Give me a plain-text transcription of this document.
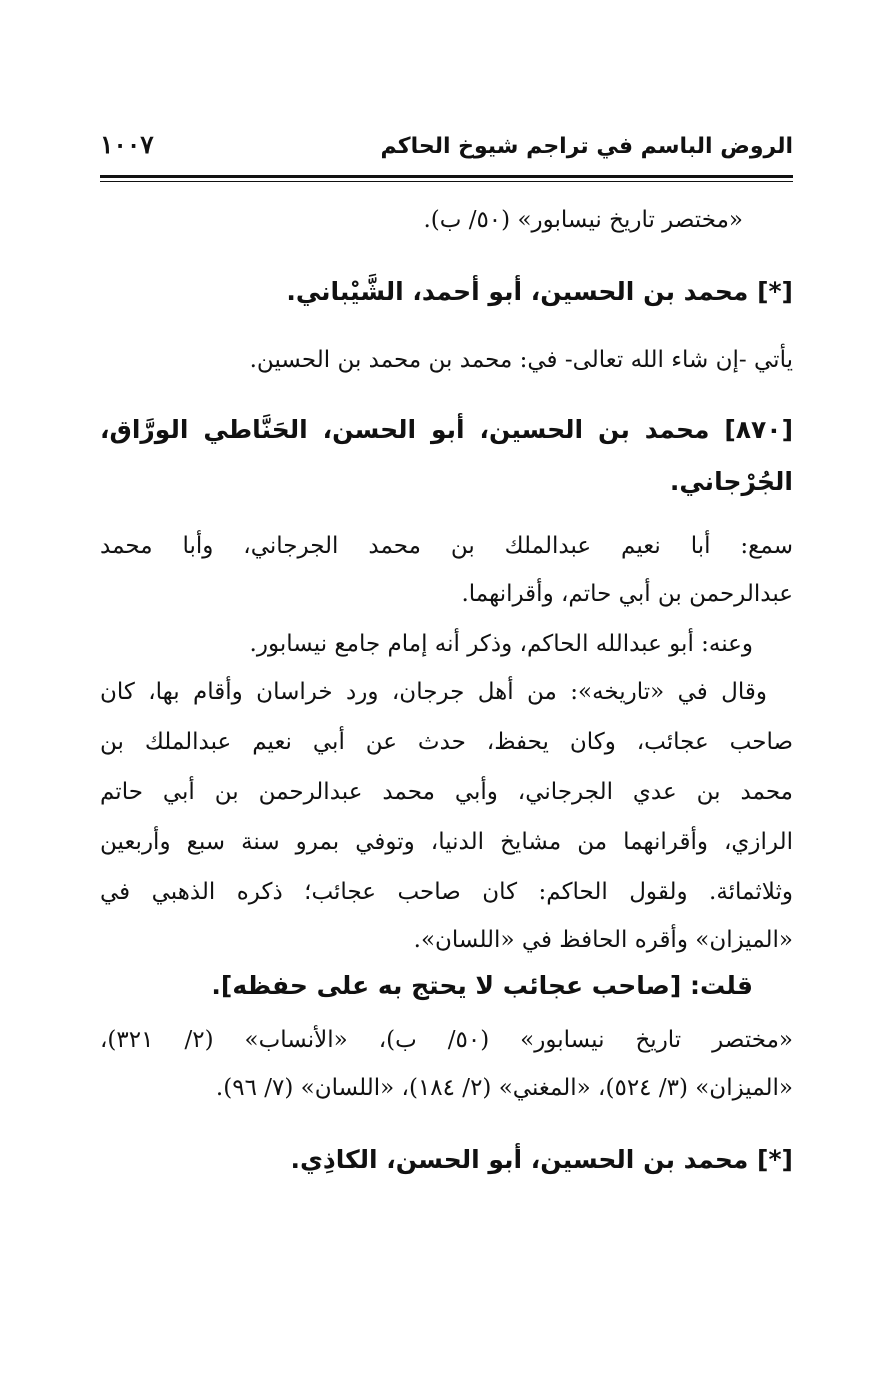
الروض الباسم في تراجم شيوخ الحاكم
١٠٠٧
«مختصر تاريخ نيسابور» (٥٠/ ب).
[*] محمد بن الحسين، أبو أحمد، الشَّيْباني.
يأتي -إن شاء الله تعالى- في: محمد بن محمد بن الحسين.
[٨٧٠] محمد بن الحسين، أبو الحسن، الحَنَّاطي الورَّاق،
الجُرْجاني.
سمع: أبا نعيم عبدالملك بن محمد الجرجاني، وأبا محمد
عبدالرحمن بن أبي حاتم، وأقرانهما.
وعنه: أبو عبدالله الحاكم، وذكر أنه إمام جامع نيسابور.
وقال في «تاريخه»: من أهل جرجان، ورد خراسان وأقام بها، كان
صاحب عجائب، وكان يحفظ، حدث عن أبي نعيم عبدالملك بن
محمد بن عدي الجرجاني، وأبي محمد عبدالرحمن بن أبي حاتم
الرازي، وأقرانهما من مشايخ الدنيا، وتوفي بمرو سنة سبع وأربعين
وثلاثمائة. ولقول الحاكم: كان صاحب عجائب؛ ذكره الذهبي في
«الميزان» وأقره الحافظ في «اللسان».
قلت: [صاحب عجائب لا يحتج به على حفظه].
«مختصر تاريخ نيسابور» (٥٠/ ب)، «الأنساب» (٢/ ٣٢١)،
«الميزان» (٣/ ٥٢٤)، «المغني» (٢/ ١٨٤)، «اللسان» (٧/ ٩٦).
[*] محمد بن الحسين، أبو الحسن، الكاذِي.
